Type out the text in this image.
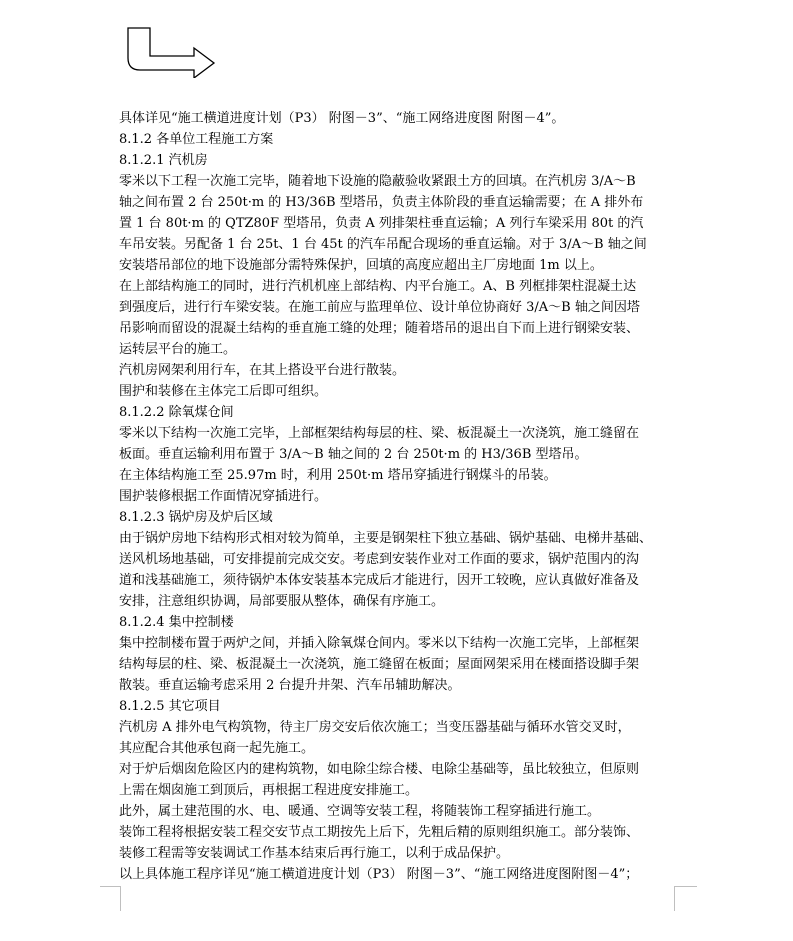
具体详见“施工横道进度计划（P3） 附图－3”、“施工网络进度图 附图－4”。
8.1.2 各单位工程施工方案
8.1.2.1 汽机房
零米以下工程一次施工完毕，随着地下设施的隐蔽验收紧跟土方的回填。在汽机房 3/A～B
轴之间布置 2 台 250t·m 的 H3/36B 型塔吊，负责主体阶段的垂直运输需要；在 A 排外布
置 1 台 80t·m 的 QTZ80F 型塔吊，负责 A 列排架柱垂直运输；A 列行车梁采用 80t 的汽
车吊安装。另配备 1 台 25t、1 台 45t 的汽车吊配合现场的垂直运输。对于 3/A～B 轴之间
安装塔吊部位的地下设施部分需特殊保护，回填的高度应超出主厂房地面 1m 以上。
在上部结构施工的同时，进行汽机机座上部结构、内平台施工。A、B 列框排架柱混凝土达
到强度后，进行行车梁安装。在施工前应与监理单位、设计单位协商好 3/A～B 轴之间因塔
吊影响而留设的混凝土结构的垂直施工缝的处理；随着塔吊的退出自下而上进行钢梁安装、
运转层平台的施工。
汽机房网架利用行车，在其上搭设平台进行散装。
围护和装修在主体完工后即可组织。
8.1.2.2 除氧煤仓间
零米以下结构一次施工完毕，上部框架结构每层的柱、梁、板混凝土一次浇筑，施工缝留在
板面。垂直运输利用布置于 3/A～B 轴之间的 2 台 250t·m 的 H3/36B 型塔吊。
在主体结构施工至 25.97m 时，利用 250t·m 塔吊穿插进行钢煤斗的吊装。
围护装修根据工作面情况穿插进行。
8.1.2.3 锅炉房及炉后区域
由于锅炉房地下结构形式相对较为简单，主要是钢架柱下独立基础、锅炉基础、电梯井基础、
送风机场地基础，可安排提前完成交安。考虑到安装作业对工作面的要求，锅炉范围内的沟
道和浅基础施工，须待锅炉本体安装基本完成后才能进行，因开工较晚，应认真做好准备及
安排，注意组织协调，局部要服从整体，确保有序施工。
8.1.2.4 集中控制楼
集中控制楼布置于两炉之间，并插入除氧煤仓间内。零米以下结构一次施工完毕，上部框架
结构每层的柱、梁、板混凝土一次浇筑，施工缝留在板面；屋面网架采用在楼面搭设脚手架
散装。垂直运输考虑采用 2 台提升井架、汽车吊辅助解决。
8.1.2.5 其它项目
汽机房 A 排外电气构筑物，待主厂房交安后依次施工；当变压器基础与循环水管交叉时，
其应配合其他承包商一起先施工。
对于炉后烟囱危险区内的建构筑物，如电除尘综合楼、电除尘基础等，虽比较独立，但原则
上需在烟囱施工到顶后，再根据工程进度安排施工。
此外，属土建范围的水、电、暖通、空调等安装工程，将随装饰工程穿插进行施工。
装饰工程将根据安装工程交安节点工期按先上后下，先粗后精的原则组织施工。部分装饰、
装修工程需等安装调试工作基本结束后再行施工，以利于成品保护。
以上具体施工程序详见“施工横道进度计划（P3） 附图－3”、“施工网络进度图附图－4”；
